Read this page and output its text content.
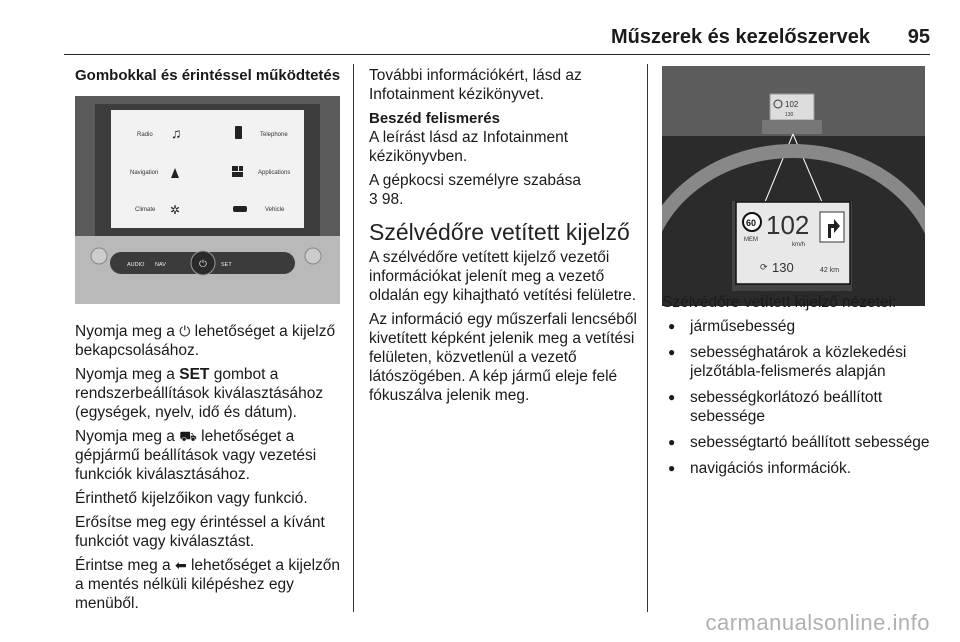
Műszerek és kezelőszervek 95
Gombokkal és érintéssel működtetés
Radio	Telephone
Navigation	Applications
Climate	Vehicle
♫
✲
⏻
AUDIO NAV	SET

Nyomja meg a ⏻ lehetőséget a kijelző bekapcsolásához.

Nyomja meg a SET gombot a rendszerbeállítások kiválasztásához (egységek, nyelv, idő és dátum).

Nyomja meg a ⛟ lehetőséget a gépjármű beállítások vagy vezetési funkciók kiválasztásához.

Érinthető kijelzőikon vagy funkció.

Erősítse meg egy érintéssel a kívánt funkciót vagy kiválasztást.

Érintse meg a ⬅ lehetőséget a kijelzőn a mentés nélküli kilépéshez egy menüből.

További információkért, lásd az Infotainment kézikönyvet.

Beszéd felismerés

A leírást lásd az Infotainment kézikönyvben.

A gépkocsi személyre szabása

3 98.

Szélvédőre vetített kijelző

A szélvédőre vetített kijelző vezetői információkat jelenít meg a vezető oldalán egy kihajtható vetítési felületre.

Az információ egy műszerfali lencséből kivetített képként jelenik meg a vetítési felületen, közvetlenül a vezető látószögében. A kép jármű eleje felé fókuszálva jelenik meg.

102
130
60
MEM 102
km/h
⟳ 130	42 km

Szélvédőre vetített kijelző nézetei:

● járműsebesség
● sebességhatárok a közlekedési jelzőtábla-felismerés alapján
● sebességkorlátozó beállított sebessége
● sebességtartó beállított sebessége
● navigációs információk.
carmanualsonline.info
